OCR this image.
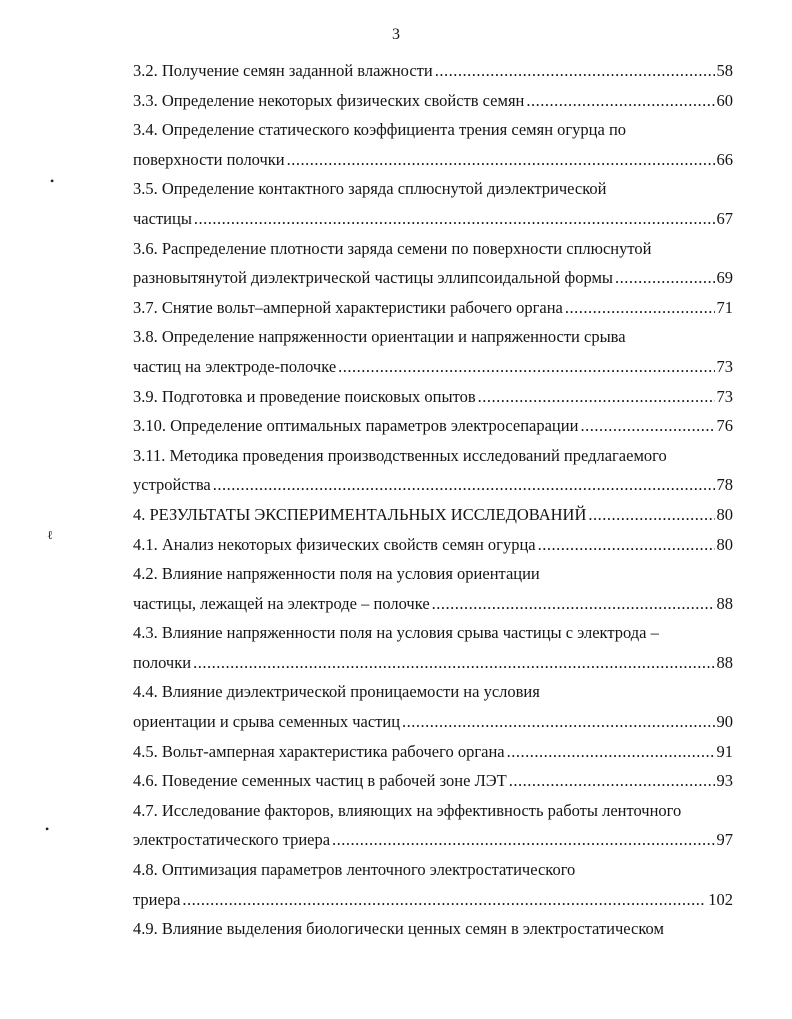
3
•
ℓ
•
3.2. Получение семян заданной влажности .....	58
3.3. Определение некоторых физических свойств семян .....	60
3.4. Определение статического коэффициента трения семян огурца по
поверхности полочки .....	66
3.5. Определение контактного заряда сплюснутой диэлектрической
частицы .....	67
3.6. Распределение плотности заряда семени по поверхности сплюснутой
разновытянутой диэлектрической частицы эллипсоидальной формы .....	69
3.7. Снятие вольт–амперной характеристики рабочего органа .....	71
3.8. Определение напряженности ориентации и напряженности срыва
частиц на электроде-полочке .....	73
3.9. Подготовка и проведение поисковых опытов .....	73
3.10. Определение оптимальных параметров электросепарации .....	76
3.11. Методика проведения производственных исследований предлагаемого
устройства .....	78
4. РЕЗУЛЬТАТЫ ЭКСПЕРИМЕНТАЛЬНЫХ ИССЛЕДОВАНИЙ .....	80
4.1. Анализ некоторых физических свойств семян огурца .....	80
4.2. Влияние напряженности поля на условия ориентации
частицы, лежащей на электроде – полочке .....	88
4.3. Влияние напряженности поля на условия срыва частицы с электрода –
полочки .....	88
4.4. Влияние диэлектрической проницаемости на условия
ориентации и срыва семенных частиц .....	90
4.5. Вольт-амперная характеристика рабочего органа .....	91
4.6. Поведение семенных частиц в рабочей зоне ЛЭТ .....	93
4.7. Исследование факторов, влияющих на эффективность работы ленточного
электростатического триера .....	97
4.8. Оптимизация параметров ленточного электростатического
триера .....	102
4.9. Влияние выделения биологически ценных семян в электростатическом
